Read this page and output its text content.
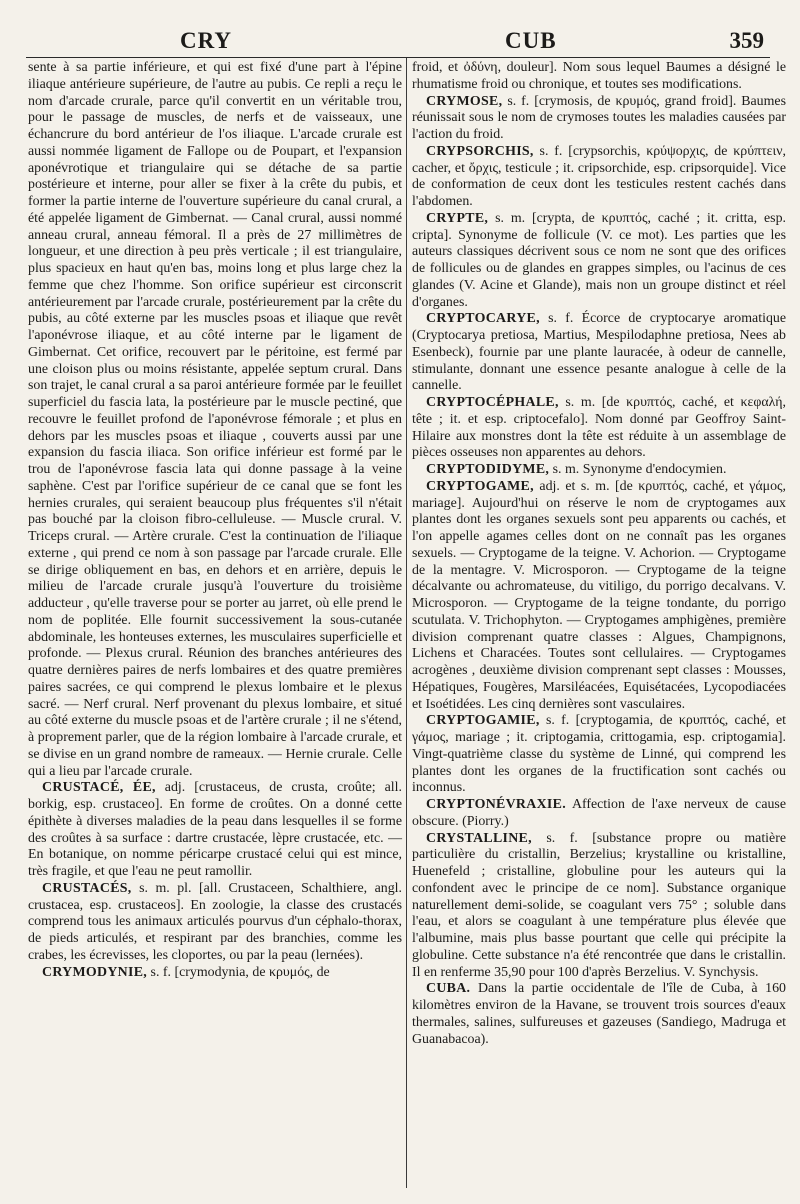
CRY	CUB	359

sente à sa partie inférieure, et qui est fixé d'une part à l'épine iliaque antérieure supérieure, de l'autre au pubis. Ce repli a reçu le nom d'arcade crurale, parce qu'il convertit en un véritable trou, pour le passage de muscles, de nerfs et de vaisseaux, une échancrure du bord antérieur de l'os iliaque. L'arcade crurale est aussi nommée ligament de Fallope ou de Poupart, et l'expansion aponévrotique et triangulaire qui se détache de sa partie postérieure et interne, pour aller se fixer à la crête du pubis, et former la partie interne de l'ouverture supérieure du canal crural, a été appelée ligament de Gimbernat. — Canal crural, aussi nommé anneau crural, anneau fémoral. Il a près de 27 millimètres de longueur, et une direction à peu près verticale ; il est triangulaire, plus spacieux en haut qu'en bas, moins long et plus large chez la femme que chez l'homme. Son orifice supérieur est circonscrit antérieurement par l'arcade crurale, postérieurement par la crête du pubis, au côté externe par les muscles psoas et iliaque que revêt l'aponévrose iliaque, et au côté interne par le ligament de Gimbernat. Cet orifice, recouvert par le péritoine, est fermé par une cloison plus ou moins résistante, appelée septum crural. Dans son trajet, le canal crural a sa paroi antérieure formée par le feuillet superficiel du fascia lata, la postérieure par le muscle pectiné, que recouvre le feuillet profond de l'aponévrose fémorale ; et plus en dehors par les muscles psoas et iliaque , couverts aussi par une expansion du fascia iliaca. Son orifice inférieur est formé par le trou de l'aponévrose fascia lata qui donne passage à la veine saphène. C'est par l'orifice supérieur de ce canal que se font les hernies crurales, qui seraient beaucoup plus fréquentes s'il n'était pas bouché par la cloison fibro-celluleuse. — Muscle crural. V. Triceps crural. — Artère crurale. C'est la continuation de l'iliaque externe , qui prend ce nom à son passage par l'arcade crurale. Elle se dirige obliquement en bas, en dehors et en arrière, depuis le milieu de l'arcade crurale jusqu'à l'ouverture du troisième adducteur , qu'elle traverse pour se porter au jarret, où elle prend le nom de poplitée. Elle fournit successivement la sous-cutanée abdominale, les honteuses externes, les musculaires superficielle et profonde. — Plexus crural. Réunion des branches antérieures des quatre dernières paires de nerfs lombaires et des quatre premières paires sacrées, ce qui comprend le plexus lombaire et le plexus sacré. — Nerf crural. Nerf provenant du plexus lombaire, et situé au côté externe du muscle psoas et de l'artère crurale ; il ne s'étend, à proprement parler, que de la région lombaire à l'arcade crurale, et se divise en un grand nombre de rameaux. — Hernie crurale. Celle qui a lieu par l'arcade crurale.

CRUSTACÉ, ÉE, adj. [crustaceus, de crusta, croûte; all. borkig, esp. crustaceo]. En forme de croûtes. On a donné cette épithète à diverses maladies de la peau dans lesquelles il se forme des croûtes à sa surface : dartre crustacée, lèpre crustacée, etc. — En botanique, on nomme péricarpe crustacé celui qui est mince, très fragile, et que l'eau ne peut ramollir.

CRUSTACÉS, s. m. pl. [all. Crustaceen, Schalthiere, angl. crustacea, esp. crustaceos]. En zoologie, la classe des crustacés comprend tous les animaux articulés pourvus d'un céphalo-thorax, de pieds articulés, et respirant par des branchies, comme les crabes, les écrevisses, les cloportes, ou par la peau (lernées).

CRYMODYNIE, s. f. [crymodynia, de κρυμός, de

froid, et ὀδύνη, douleur]. Nom sous lequel Baumes a désigné le rhumatisme froid ou chronique, et toutes ses modifications.

CRYMOSE, s. f. [crymosis, de κρυμός, grand froid]. Baumes réunissait sous le nom de crymoses toutes les maladies causées par l'action du froid.

CRYPSORCHIS, s. f. [crypsorchis, κρύψορχις, de κρύπτειν, cacher, et ὄρχις, testicule ; it. cripsorchide, esp. cripsorquide]. Vice de conformation de ceux dont les testicules restent cachés dans l'abdomen.

CRYPTE, s. m. [crypta, de κρυπτός, caché ; it. critta, esp. cripta]. Synonyme de follicule (V. ce mot). Les parties que les auteurs classiques décrivent sous ce nom ne sont que des orifices de follicules ou de glandes en grappes simples, ou l'acinus de ces glandes (V. Acine et Glande), mais non un groupe distinct et réel d'organes.

CRYPTOCARYE, s. f. Écorce de cryptocarye aromatique (Cryptocarya pretiosa, Martius, Mespilodaphne pretiosa, Nees ab Esenbeck), fournie par une plante lauracée, à odeur de cannelle, stimulante, donnant une essence pesante analogue à celle de la cannelle.

CRYPTOCÉPHALE, s. m. [de κρυπτός, caché, et κεφαλή, tête ; it. et esp. criptocefalo]. Nom donné par Geoffroy Saint-Hilaire aux monstres dont la tête est réduite à un assemblage de pièces osseuses non apparentes au dehors.

CRYPTODIDYME, s. m. Synonyme d'endocymien.

CRYPTOGAME, adj. et s. m. [de κρυπτός, caché, et γάμος, mariage]. Aujourd'hui on réserve le nom de cryptogames aux plantes dont les organes sexuels sont peu apparents ou cachés, et l'on appelle agames celles dont on ne connaît pas les organes sexuels. — Cryptogame de la teigne. V. Achorion. — Cryptogame de la mentagre. V. Microsporon. — Cryptogame de la teigne décalvante ou achromateuse, du vitiligo, du porrigo decalvans. V. Microsporon. — Cryptogame de la teigne tondante, du porrigo scutulata. V. Trichophyton. — Cryptogames amphigènes, première division comprenant quatre classes : Algues, Champignons, Lichens et Characées. Toutes sont cellulaires. — Cryptogames acrogènes , deuxième division comprenant sept classes : Mousses, Hépatiques, Fougères, Marsiléacées, Equisétacées, Lycopodiacées et Isoétidées. Les cinq dernières sont vasculaires.

CRYPTOGAMIE, s. f. [cryptogamia, de κρυπτός, caché, et γάμος, mariage ; it. criptogamia, crittogamia, esp. criptogamia]. Vingt-quatrième classe du système de Linné, qui comprend les plantes dont les organes de la fructification sont cachés ou inconnus.

CRYPTONÉVRAXIE. Affection de l'axe nerveux de cause obscure. (Piorry.)

CRYSTALLINE, s. f. [substance propre ou matière particulière du cristallin, Berzelius; krystalline ou kristalline, Huenefeld ; cristalline, globuline pour les auteurs qui la confondent avec le principe de ce nom]. Substance organique naturellement demi-solide, se coagulant vers 75° ; soluble dans l'eau, et alors se coagulant à une température plus élevée que l'albumine, mais plus basse pourtant que celle qui précipite la globuline. Cette substance n'a été rencontrée que dans le cristallin. Il en renferme 35,90 pour 100 d'après Berzelius. V. Synchysis.

CUBA. Dans la partie occidentale de l'île de Cuba, à 160 kilomètres environ de la Havane, se trouvent trois sources d'eaux thermales, salines, sulfureuses et gazeuses (Sandiego, Madruga et Guanabacoa).
